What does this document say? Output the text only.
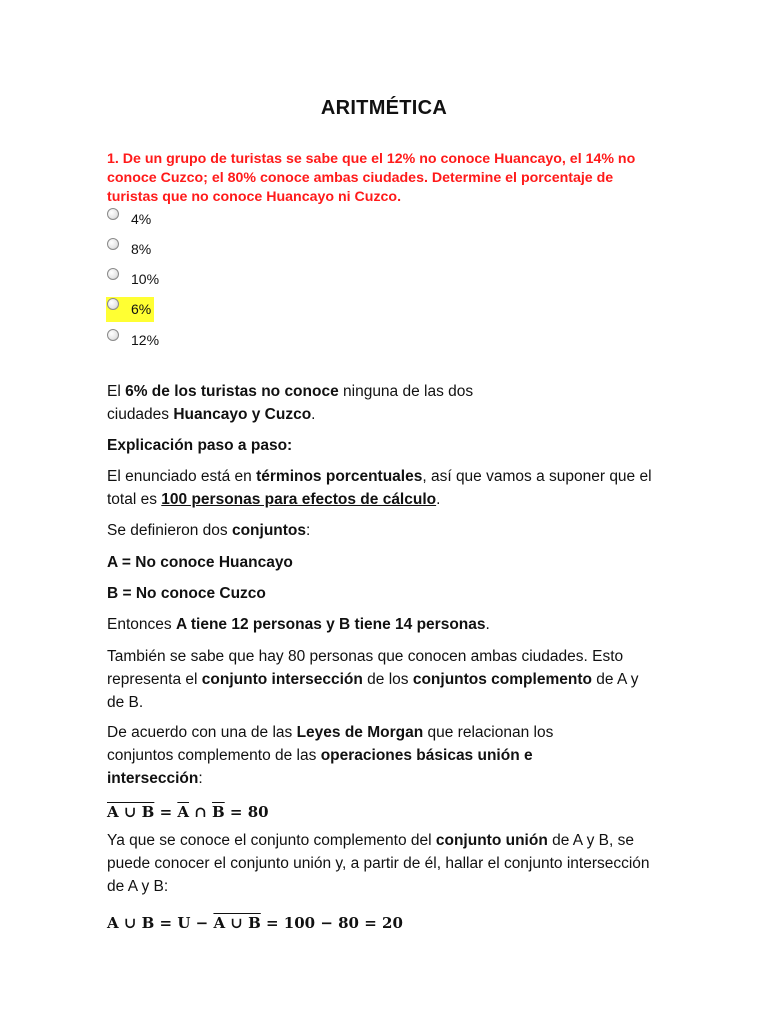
ARITMÉTICA
1. De un grupo de turistas se sabe que el 12% no conoce Huancayo, el 14% no conoce Cuzco; el 80% conoce ambas ciudades. Determine el porcentaje de turistas que no conoce Huancayo ni Cuzco.
4%
8%
10%
6%
12%
El 6% de los turistas no conoce ninguna de las dos ciudades Huancayo y Cuzco.
Explicación paso a paso:
El enunciado está en términos porcentuales, así que vamos a suponer que el total es 100 personas para efectos de cálculo.
Se definieron dos conjuntos:
A = No conoce Huancayo
B = No conoce Cuzco
Entonces A tiene 12 personas y B tiene 14 personas.
También se sabe que hay 80 personas que conocen ambas ciudades. Esto representa el conjunto intersección de los conjuntos complemento de A y de B.
De acuerdo con una de las Leyes de Morgan que relacionan los conjuntos complemento de las operaciones básicas unión e intersección:
A ∪ $B = \overline{A}$ ∩ $\overline{B} = 80$
Ya que se conoce el conjunto complemento del conjunto unión de A y B, se puede conocer el conjunto unión y, a partir de él, hallar el conjunto intersección de A y B:
A ∪ B = U − A ∪ B = 100 − 80 = 20
